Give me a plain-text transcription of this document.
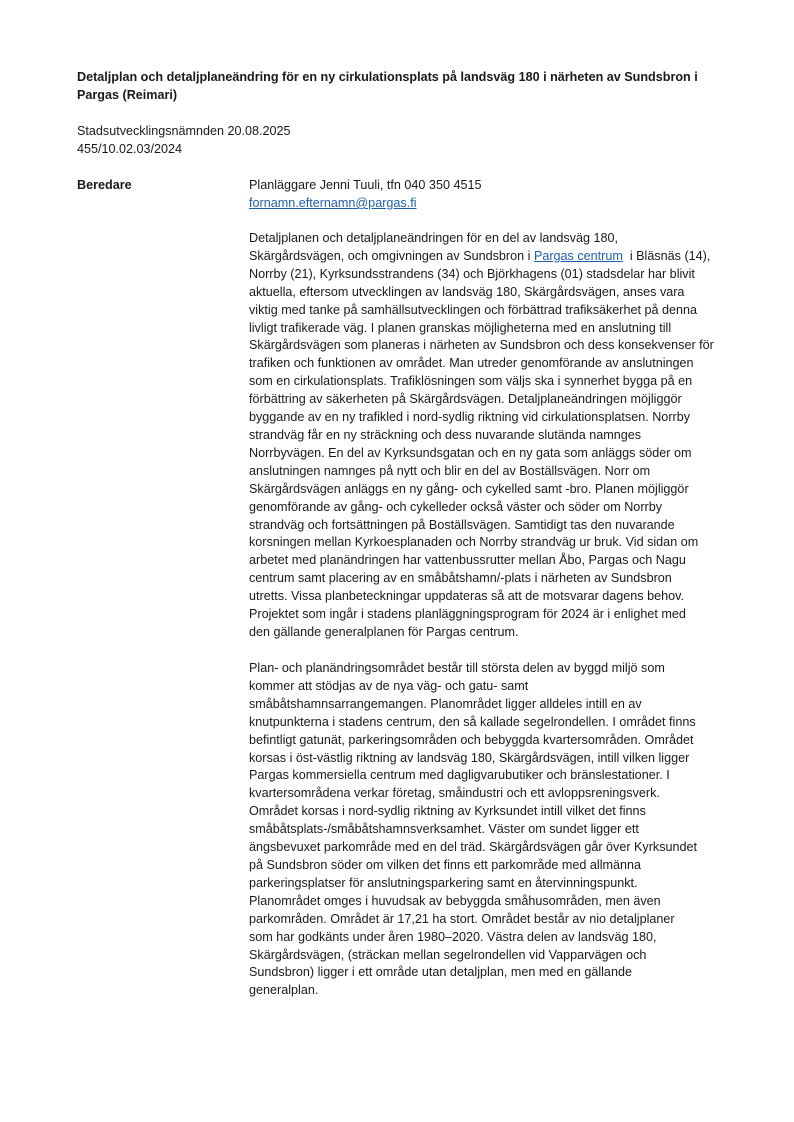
Detaljplan och detaljplaneändring för en ny cirkulationsplats på landsväg 180 i närheten av Sundsbron i
Pargas (Reimari)
Stadsutvecklingsnämnden 20.08.2025
455/10.02.03/2024
Beredare	Planläggare Jenni Tuuli, tfn 040 350 4515
fornamn.efternamn@pargas.fi
Detaljplanen och detaljplaneändringen för en del av landsväg 180,
Skärgårdsvägen, och omgivningen av Sundsbron i Pargas centrum  i Bläsnäs (14),
Norrby (21), Kyrksundsstrandens (34) och Björkhagens (01) stadsdelar har blivit
aktuella, eftersom utvecklingen av landsväg 180, Skärgårdsvägen, anses vara
viktig med tanke på samhällsutvecklingen och förbättrad trafiksäkerhet på denna
livligt trafikerade väg. I planen granskas möjligheterna med en anslutning till
Skärgårdsvägen som planeras i närheten av Sundsbron och dess konsekvenser för
trafiken och funktionen av området. Man utreder genomförande av anslutningen
som en cirkulationsplats. Trafiklösningen som väljs ska i synnerhet bygga på en
förbättring av säkerheten på Skärgårdsvägen. Detaljplaneändringen möjliggör
byggande av en ny trafikled i nord-sydlig riktning vid cirkulationsplatsen. Norrby
strandväg får en ny sträckning och dess nuvarande slutända namnges
Norrbyvägen. En del av Kyrksundsgatan och en ny gata som anläggs söder om
anslutningen namnges på nytt och blir en del av Boställsvägen. Norr om
Skärgårdsvägen anläggs en ny gång- och cykelled samt -bro. Planen möjliggör
genomförande av gång- och cykelleder också väster och söder om Norrby
strandväg och fortsättningen på Boställsvägen. Samtidigt tas den nuvarande
korsningen mellan Kyrkoesplanaden och Norrby strandväg ur bruk. Vid sidan om
arbetet med planändringen har vattenbussrutter mellan Åbo, Pargas och Nagu
centrum samt placering av en småbåtshamn/-plats i närheten av Sundsbron
utretts. Vissa planbeteckningar uppdateras så att de motsvarar dagens behov.
Projektet som ingår i stadens planläggningsprogram för 2024 är i enlighet med
den gällande generalplanen för Pargas centrum.
Plan- och planändringsområdet består till största delen av byggd miljö som
kommer att stödjas av de nya väg- och gatu- samt
småbåtshamnsarrangemangen. Planområdet ligger alldeles intill en av
knutpunkterna i stadens centrum, den så kallade segelrondellen. I området finns
befintligt gatunät, parkeringsområden och bebyggda kvartersområden. Området
korsas i öst-västlig riktning av landsväg 180, Skärgårdsvägen, intill vilken ligger
Pargas kommersiella centrum med dagligvarubutiker och bränslestationer. I
kvartersområdena verkar företag, småindustri och ett avloppsreningsverk.
Området korsas i nord-sydlig riktning av Kyrksundet intill vilket det finns
småbåtsplats-/småbåtshamnsverksamhet. Väster om sundet ligger ett
ängsbevuxet parkområde med en del träd. Skärgårdsvägen går över Kyrksundet
på Sundsbron söder om vilken det finns ett parkområde med allmänna
parkeringsplatser för anslutningsparkering samt en återvinningspunkt.
Planområdet omges i huvudsak av bebyggda småhusområden, men även
parkområden. Området är 17,21 ha stort. Området består av nio detaljplaner
som har godkänts under åren 1980–2020. Västra delen av landsväg 180,
Skärgårdsvägen, (sträckan mellan segelrondellen vid Vapparvägen och
Sundsbron) ligger i ett område utan detaljplan, men med en gällande
generalplan.
